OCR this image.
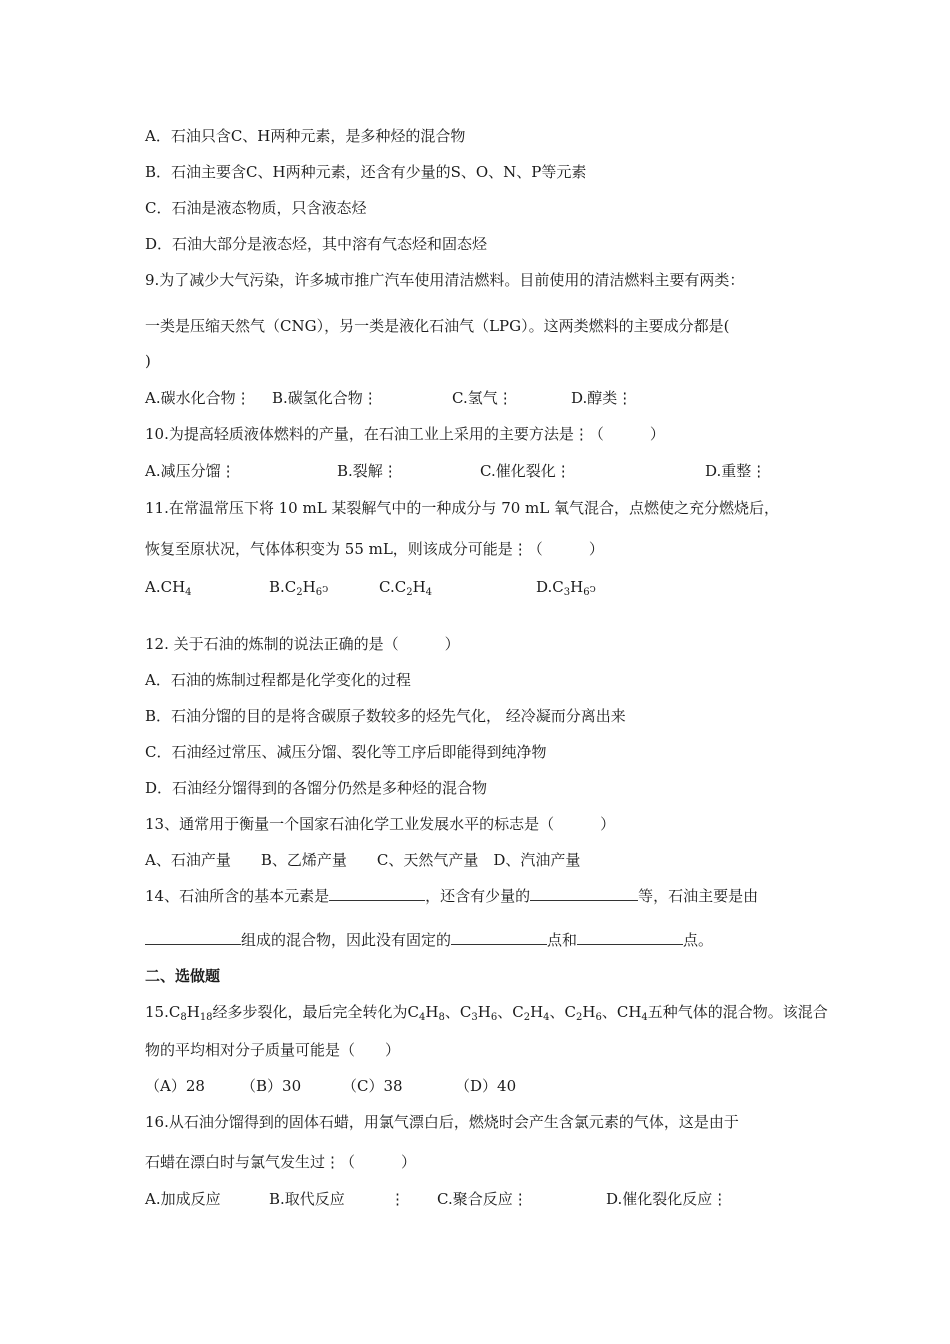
A．石油只含C、H两种元素，是多种烃的混合物
B．石油主要含C、H两种元素，还含有少量的S、O、N、P等元素
C．石油是液态物质，只含液态烃
D．石油大部分是液态烃，其中溶有气态烃和固态烃
9.为了减少大气污染，许多城市推广汽车使用清洁燃料。目前使用的清洁燃料主要有两类：
一类是压缩天然气（CNG），另一类是液化石油气（LPG）。这两类燃料的主要成分都是(
)
A.碳水化合物⋮ B.碳氢化合物⋮	C.氢气⋮	D.醇类⋮
10.为提高轻质液体燃料的产量，在石油工业上采用的主要方法是⋮（	）
A.减压分馏⋮	B.裂解⋮	C.催化裂化⋮	D.重整⋮
11.在常温常压下将 10 mL 某裂解气中的一种成分与 70 mL 氧气混合，点燃使之充分燃烧后，
恢复至原状况，气体体积变为 55 mL，则该成分可能是⋮（	）
$A.CH_4$	$B.C_2H_6ↄ$	$C.C_2H_4$	$D.C_3H_6ↄ$
12. 关于石油的炼制的说法正确的是（	）
A．石油的炼制过程都是化学变化的过程
B．石油分馏的目的是将含碳原子数较多的烃先气化， 经冷凝而分离出来
C．石油经过常压、减压分馏、裂化等工序后即能得到纯净物
D．石油经分馏得到的各馏分仍然是多种烃的混合物
13、通常用于衡量一个国家石油化学工业发展水平的标志是（	）
A、石油产量　　B、乙烯产量　　C、天然气产量　D、汽油产量
14、石油所含的基本元素是	，还含有少量的	等，石油主要是由
组成的混合物，因此没有固定的	点和	点。
二、选做题
$15.C_8H_{18}$经多步裂化，最后完全转化为$C_4H_8$、$C_3H_6$、$C_2H_4$、$C_2H_6$、$CH_4$五种气体的混合物。该混合
物的平均相对分子质量可能是（ ）
（A）28 （B）30	（C）38	（D）40
16.从石油分馏得到的固体石蜡，用氯气漂白后，燃烧时会产生含氯元素的气体，这是由于
石蜡在漂白时与氯气发生过⋮（	）
A.加成反应	B.取代反应	⋮ C.聚合反应⋮	D.催化裂化反应⋮
